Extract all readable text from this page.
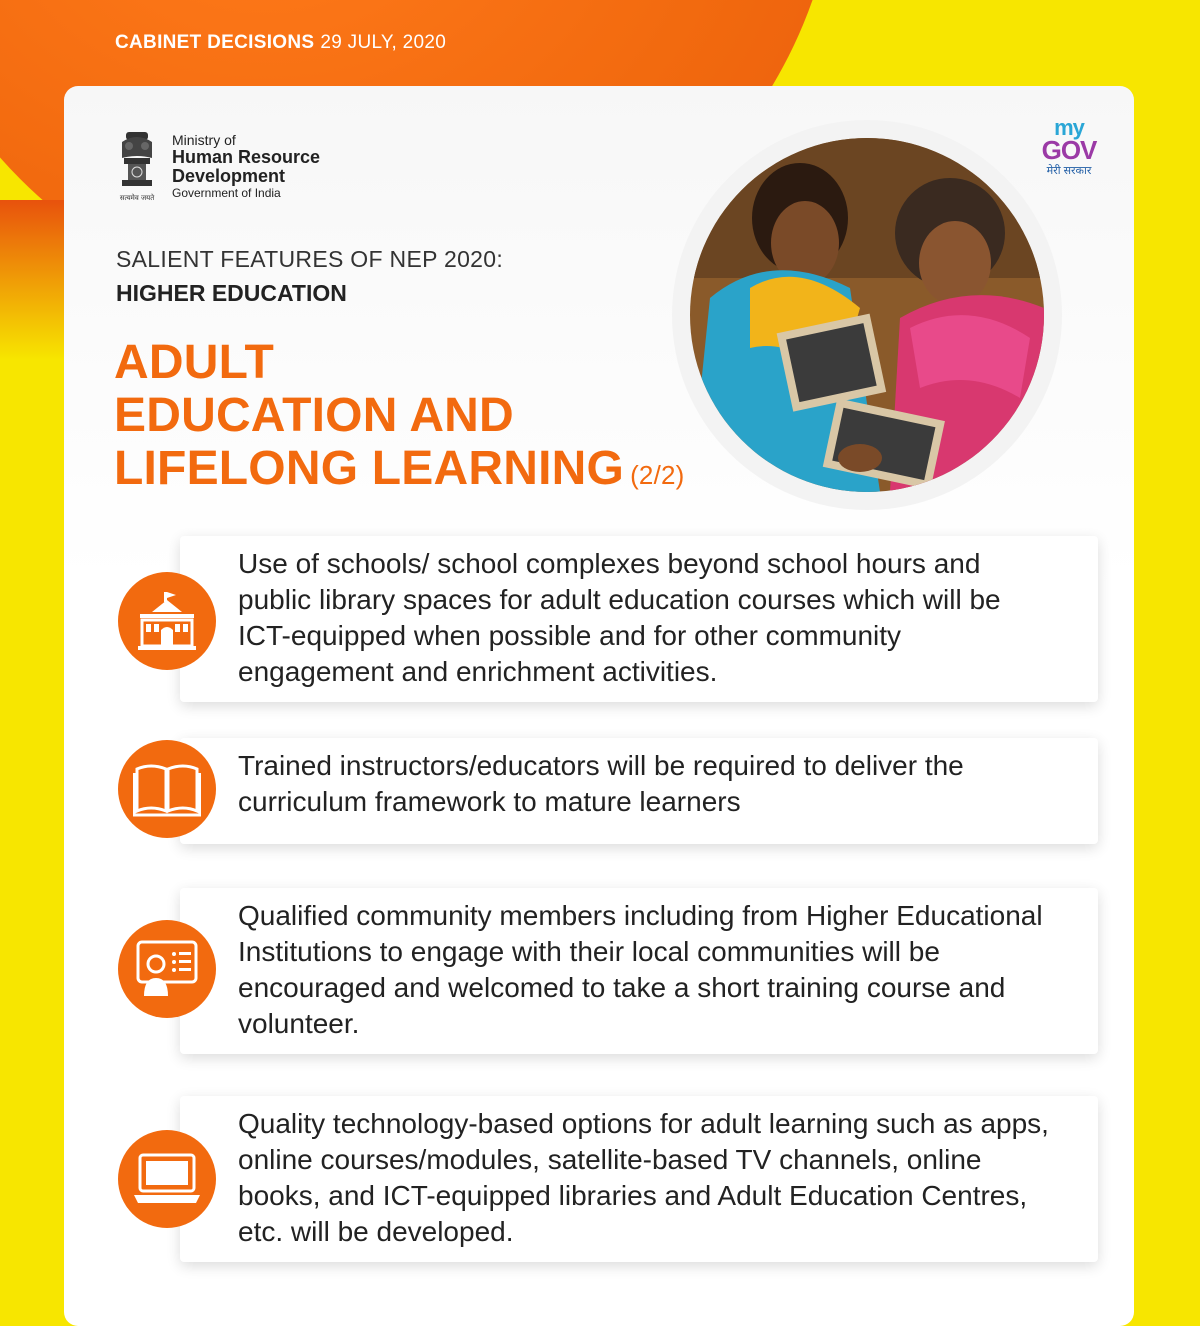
CABINET DECISIONS 29 JULY, 2020
सत्यमेव जयते
Ministry of
Human Resource
Development
Government of India
my
GOV
मेरी सरकार
SALIENT FEATURES OF NEP 2020:
HIGHER EDUCATION
ADULT
EDUCATION AND
LIFELONG LEARNING (2/2)
Use of schools/ school complexes beyond school hours and public library spaces for adult education courses which will be ICT-equipped when possible and for other community engagement and enrichment activities.
Trained instructors/educators will be required to deliver the curriculum framework to mature learners
Qualified community members including from Higher Educational Institutions to engage with their local communities will be encouraged and welcomed to take a short training course and volunteer.
Quality technology-based options for adult learning such as apps, online courses/modules, satellite-based TV channels, online books, and ICT-equipped libraries and Adult Education Centres, etc. will be developed.
